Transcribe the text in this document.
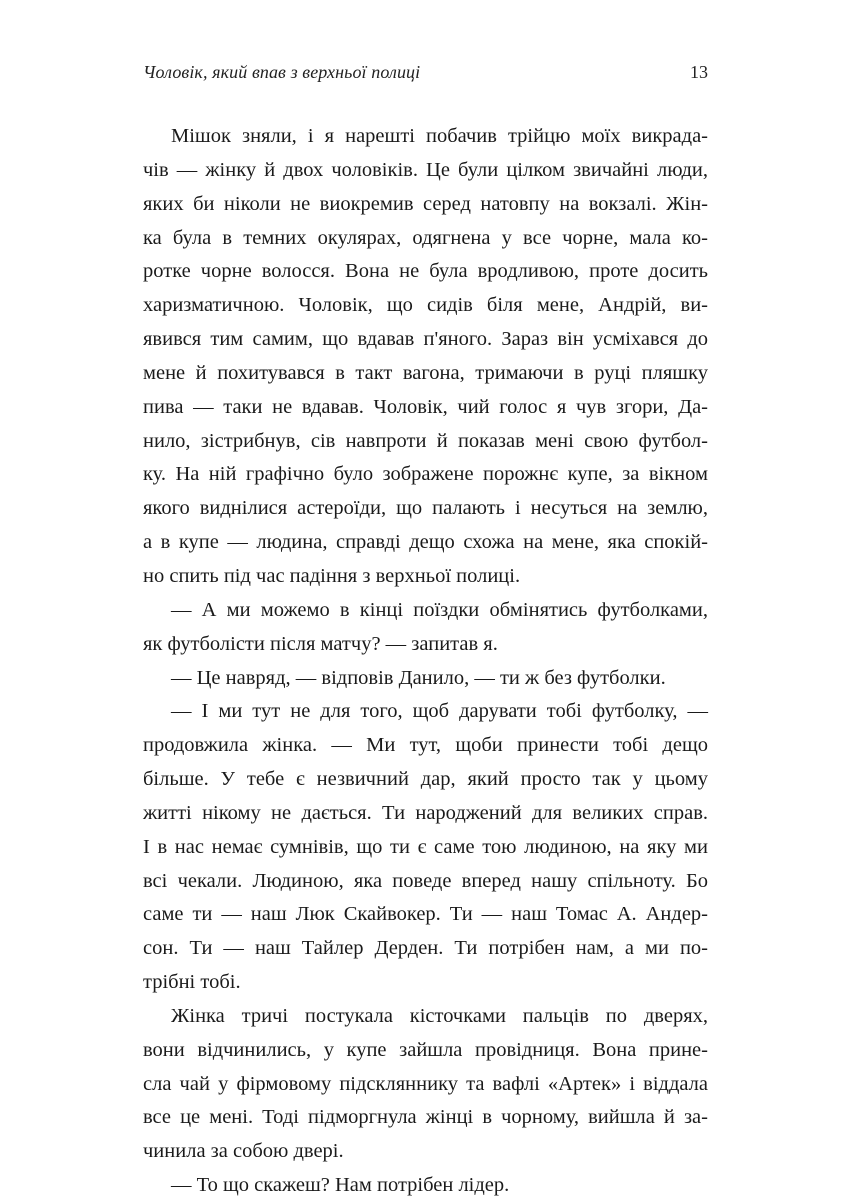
Чоловік, який впав з верхньої полиці	13
Мішок зняли, і я нарешті побачив трійцю моїх викрада-
чів — жінку й двох чоловіків. Це були цілком звичайні люди,
яких би ніколи не виокремив серед натовпу на вокзалі. Жін-
ка була в темних окулярах, одягнена у все чорне, мала ко-
ротке чорне волосся. Вона не була вродливою, проте досить
харизматичною. Чоловік, що сидів біля мене, Андрій, ви-
явився тим самим, що вдавав п'яного. Зараз він усміхався до
мене й похитувався в такт вагона, тримаючи в руці пляшку
пива — таки не вдавав. Чоловік, чий голос я чув згори, Да-
нило, зістрибнув, сів навпроти й показав мені свою футбол-
ку. На ній графічно було зображене порожнє купе, за вікном
якого виднілися астероїди, що палають і несуться на землю,
а в купе — людина, справді дещо схожа на мене, яка спокій-
но спить під час падіння з верхньої полиці.
— А ми можемо в кінці поїздки обмінятись футболками,
як футболісти після матчу? — запитав я.
— Це навряд, — відповів Данило, — ти ж без футболки.
— І ми тут не для того, щоб дарувати тобі футболку, —
продовжила жінка. — Ми тут, щоби принести тобі дещо
більше. У тебе є незвичний дар, який просто так у цьому
житті нікому не дається. Ти народжений для великих справ.
І в нас немає сумнівів, що ти є саме тою людиною, на яку ми
всі чекали. Людиною, яка поведе вперед нашу спільноту. Бо
саме ти — наш Люк Скайвокер. Ти — наш Томас А. Андер-
сон. Ти — наш Тайлер Дерден. Ти потрібен нам, а ми по-
трібні тобі.
Жінка тричі постукала кісточками пальців по дверях,
вони відчинились, у купе зайшла провідниця. Вона прине-
сла чай у фірмовому підскляннику та вафлі «Артек» і віддала
все це мені. Тоді підморгнула жінці в чорному, вийшла й за-
чинила за собою двері.
— То що скажеш? Нам потрібен лідер.
